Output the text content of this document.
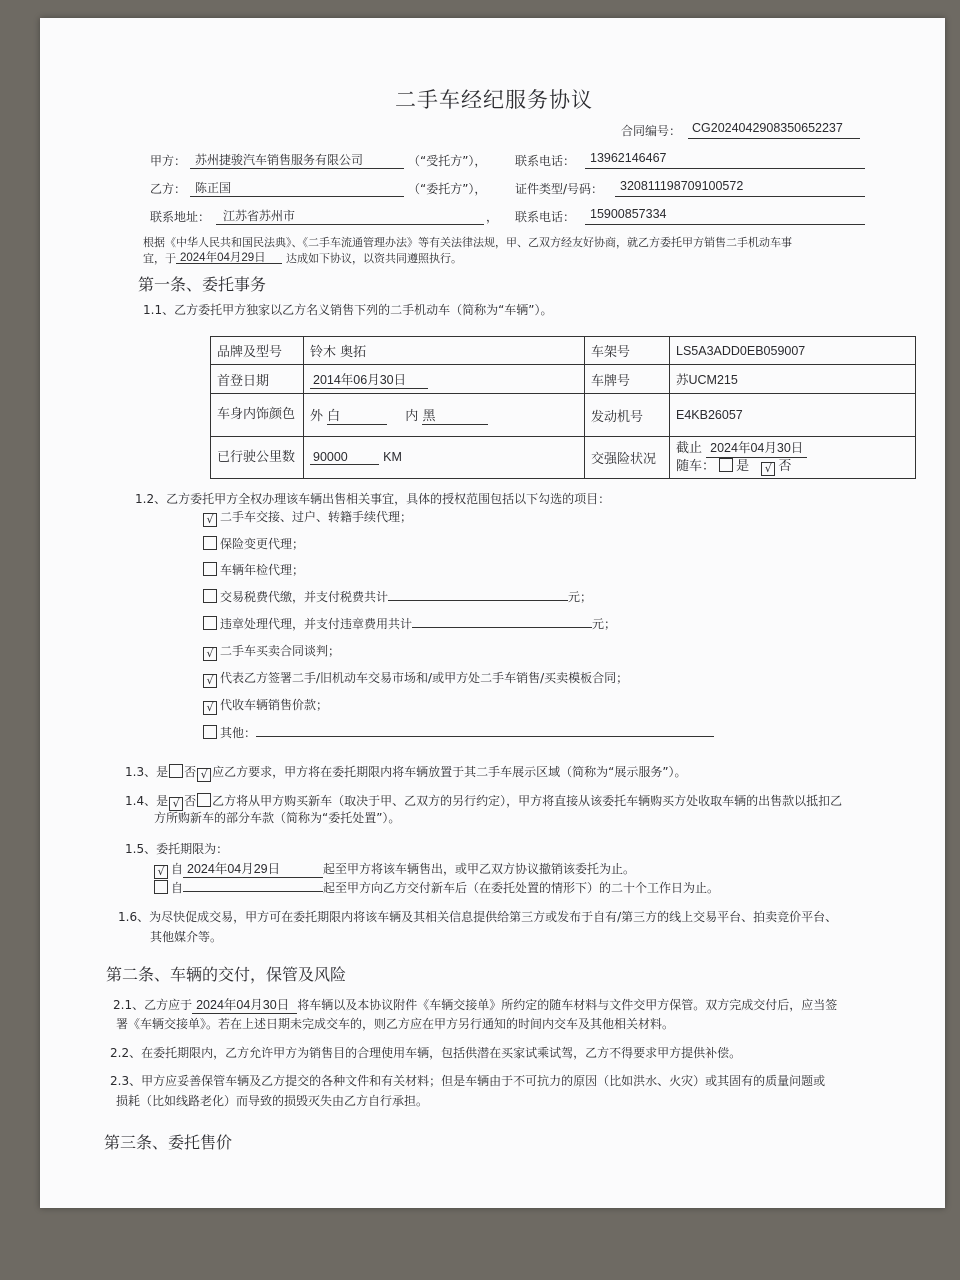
二手车经纪服务协议
合同编号： CG2024042908350652237
甲方： 苏州捷骏汽车销售服务有限公司	（“受托方”）， 联系电话： 13962146467
乙方： 陈正国	（“委托方”）， 证件类型/号码： 320811198709100572
联系地址： 江苏省苏州市	， 联系电话： 15900857334
根据《中华人民共和国民法典》、《二手车流通管理办法》等有关法律法规，甲、乙双方经友好协商，就乙方委托甲方销售二手机动车事
宜，于 2024年04月29日 达成如下协议，以资共同遵照执行。
第一条、委托事务
1.1、乙方委托甲方独家以乙方名义销售下列的二手机动车（简称为“车辆”）。
品牌及型号	铃木 奥拓	车架号	LS5A3ADD0EB059007
首登日期	2014年06月30日	车牌号	苏UCM215
车身内饰颜色	外 白 内 黑	发动机号	E4KB26057
已行驶公里数	90000 KM	交强险状况	截止 2024年04月30日
随车： 是 √ 否
1.2、乙方委托甲方全权办理该车辆出售相关事宜，具体的授权范围包括以下勾选的项目：
√ 二手车交接、过户、转籍手续代理；
保险变更代理；
车辆年检代理；
交易税费代缴，并支付税费共计	元；
违章处理代理，并支付违章费用共计	元；
√ 二手车买卖合同谈判；
√ 代表乙方签署二手/旧机动车交易市场和/或甲方处二手车销售/买卖模板合同；
√ 代收车辆销售价款；
其他：
1.3、是 否 √ 应乙方要求，甲方将在委托期限内将车辆放置于其二手车展示区域（简称为“展示服务”）。
1.4、是 √ 否 乙方将从甲方购买新车（取决于甲、乙双方的另行约定），甲方将直接从该委托车辆购买方处收取车辆的出售款以抵扣乙
方所购新车的部分车款（简称为“委托处置”）。
1.5、委托期限为：
√ 自 2024年04月29日	起至甲方将该车辆售出，或甲乙双方协议撤销该委托为止。
自	起至甲方向乙方交付新车后（在委托处置的情形下）的二十个工作日为止。
1.6、为尽快促成交易，甲方可在委托期限内将该车辆及其相关信息提供给第三方或发布于自有/第三方的线上交易平台、拍卖竞价平台、
其他媒介等。
第二条、车辆的交付，保管及风险
2.1、乙方应于 2024年04月30日 将车辆以及本协议附件《车辆交接单》所约定的随车材料与文件交甲方保管。双方完成交付后，应当签
署《车辆交接单》。若在上述日期未完成交车的，则乙方应在甲方另行通知的时间内交车及其他相关材料。
2.2、在委托期限内，乙方允许甲方为销售目的合理使用车辆，包括供潜在买家试乘试驾，乙方不得要求甲方提供补偿。
2.3、甲方应妥善保管车辆及乙方提交的各种文件和有关材料；但是车辆由于不可抗力的原因（比如洪水、火灾）或其固有的质量问题或
损耗（比如线路老化）而导致的损毁灭失由乙方自行承担。
第三条、委托售价
